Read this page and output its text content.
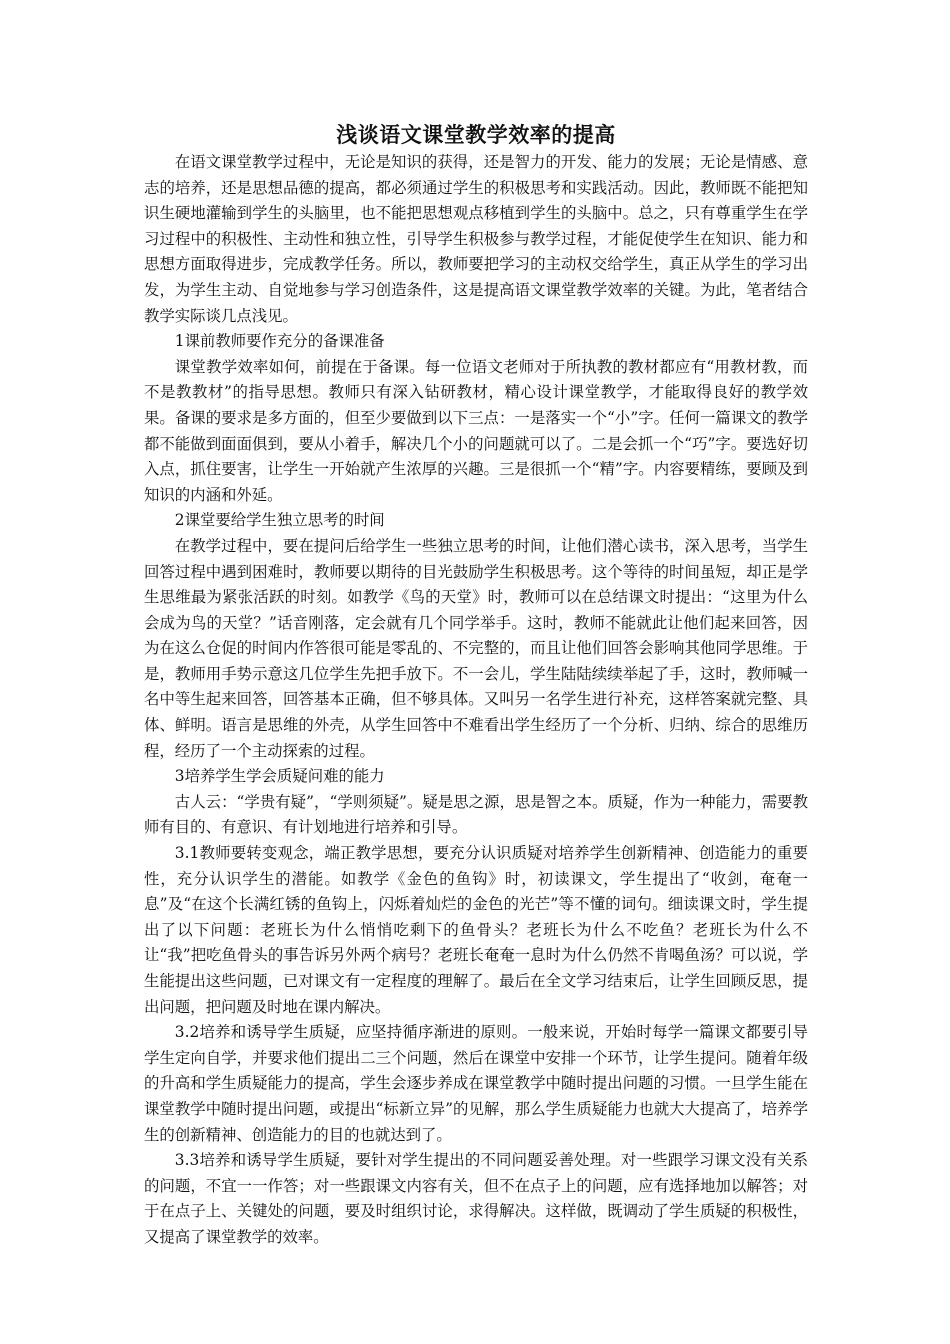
浅谈语文课堂教学效率的提高

在语文课堂教学过程中，无论是知识的获得，还是智力的开发、能力的发展；无论是情感、意志的培养，还是思想品德的提高，都必须通过学生的积极思考和实践活动。因此，教师既不能把知识生硬地灌输到学生的头脑里，也不能把思想观点移植到学生的头脑中。总之，只有尊重学生在学习过程中的积极性、主动性和独立性，引导学生积极参与教学过程，才能促使学生在知识、能力和思想方面取得进步，完成教学任务。所以，教师要把学习的主动权交给学生，真正从学生的学习出发，为学生主动、自觉地参与学习创造条件，这是提高语文课堂教学效率的关键。为此，笔者结合教学实际谈几点浅见。

1课前教师要作充分的备课准备

课堂教学效率如何，前提在于备课。每一位语文老师对于所执教的教材都应有“用教材教，而不是教教材”的指导思想。教师只有深入钻研教材，精心设计课堂教学，才能取得良好的教学效果。备课的要求是多方面的，但至少要做到以下三点：一是落实一个“小”字。任何一篇课文的教学都不能做到面面俱到，要从小着手，解决几个小的问题就可以了。二是会抓一个“巧”字。要选好切入点，抓住要害，让学生一开始就产生浓厚的兴趣。三是很抓一个“精”字。内容要精练，要顾及到知识的内涵和外延。

2课堂要给学生独立思考的时间

在教学过程中，要在提问后给学生一些独立思考的时间，让他们潜心读书，深入思考，当学生回答过程中遇到困难时，教师要以期待的目光鼓励学生积极思考。这个等待的时间虽短，却正是学生思维最为紧张活跃的时刻。如教学《鸟的天堂》时，教师可以在总结课文时提出：“这里为什么会成为鸟的天堂？”话音刚落，定会就有几个同学举手。这时，教师不能就此让他们起来回答，因为在这么仓促的时间内作答很可能是零乱的、不完整的，而且让他们回答会影响其他同学思维。于是，教师用手势示意这几位学生先把手放下。不一会儿，学生陆陆续续举起了手，这时，教师喊一名中等生起来回答，回答基本正确，但不够具体。又叫另一名学生进行补充，这样答案就完整、具体、鲜明。语言是思维的外壳，从学生回答中不难看出学生经历了一个分析、归纳、综合的思维历程，经历了一个主动探索的过程。

3培养学生学会质疑问难的能力

古人云：“学贵有疑”，“学则须疑”。疑是思之源，思是智之本。质疑，作为一种能力，需要教师有目的、有意识、有计划地进行培养和引导。

3.1教师要转变观念，端正教学思想，要充分认识质疑对培养学生创新精神、创造能力的重要性，充分认识学生的潜能。如教学《金色的鱼钩》时，初读课文，学生提出了“收剑，奄奄一息”及“在这个长满红锈的鱼钩上，闪烁着灿烂的金色的光芒”等不懂的词句。细读课文时，学生提出了以下问题：老班长为什么悄悄吃剩下的鱼骨头？老班长为什么不吃鱼？老班长为什么不让“我”把吃鱼骨头的事告诉另外两个病号？老班长奄奄一息时为什么仍然不肯喝鱼汤？可以说，学生能提出这些问题，已对课文有一定程度的理解了。最后在全文学习结束后，让学生回顾反思，提出问题，把问题及时地在课内解决。

3.2培养和诱导学生质疑，应坚持循序渐进的原则。一般来说，开始时每学一篇课文都要引导学生定向自学，并要求他们提出二三个问题，然后在课堂中安排一个环节，让学生提问。随着年级的升高和学生质疑能力的提高，学生会逐步养成在课堂教学中随时提出问题的习惯。一旦学生能在课堂教学中随时提出问题，或提出“标新立异”的见解，那么学生质疑能力也就大大提高了，培养学生的创新精神、创造能力的目的也就达到了。

3.3培养和诱导学生质疑，要针对学生提出的不同问题妥善处理。对一些跟学习课文没有关系的问题，不宜一一作答；对一些跟课文内容有关，但不在点子上的问题，应有选择地加以解答；对于在点子上、关键处的问题，要及时组织讨论，求得解决。这样做，既调动了学生质疑的积极性，又提高了课堂教学的效率。
